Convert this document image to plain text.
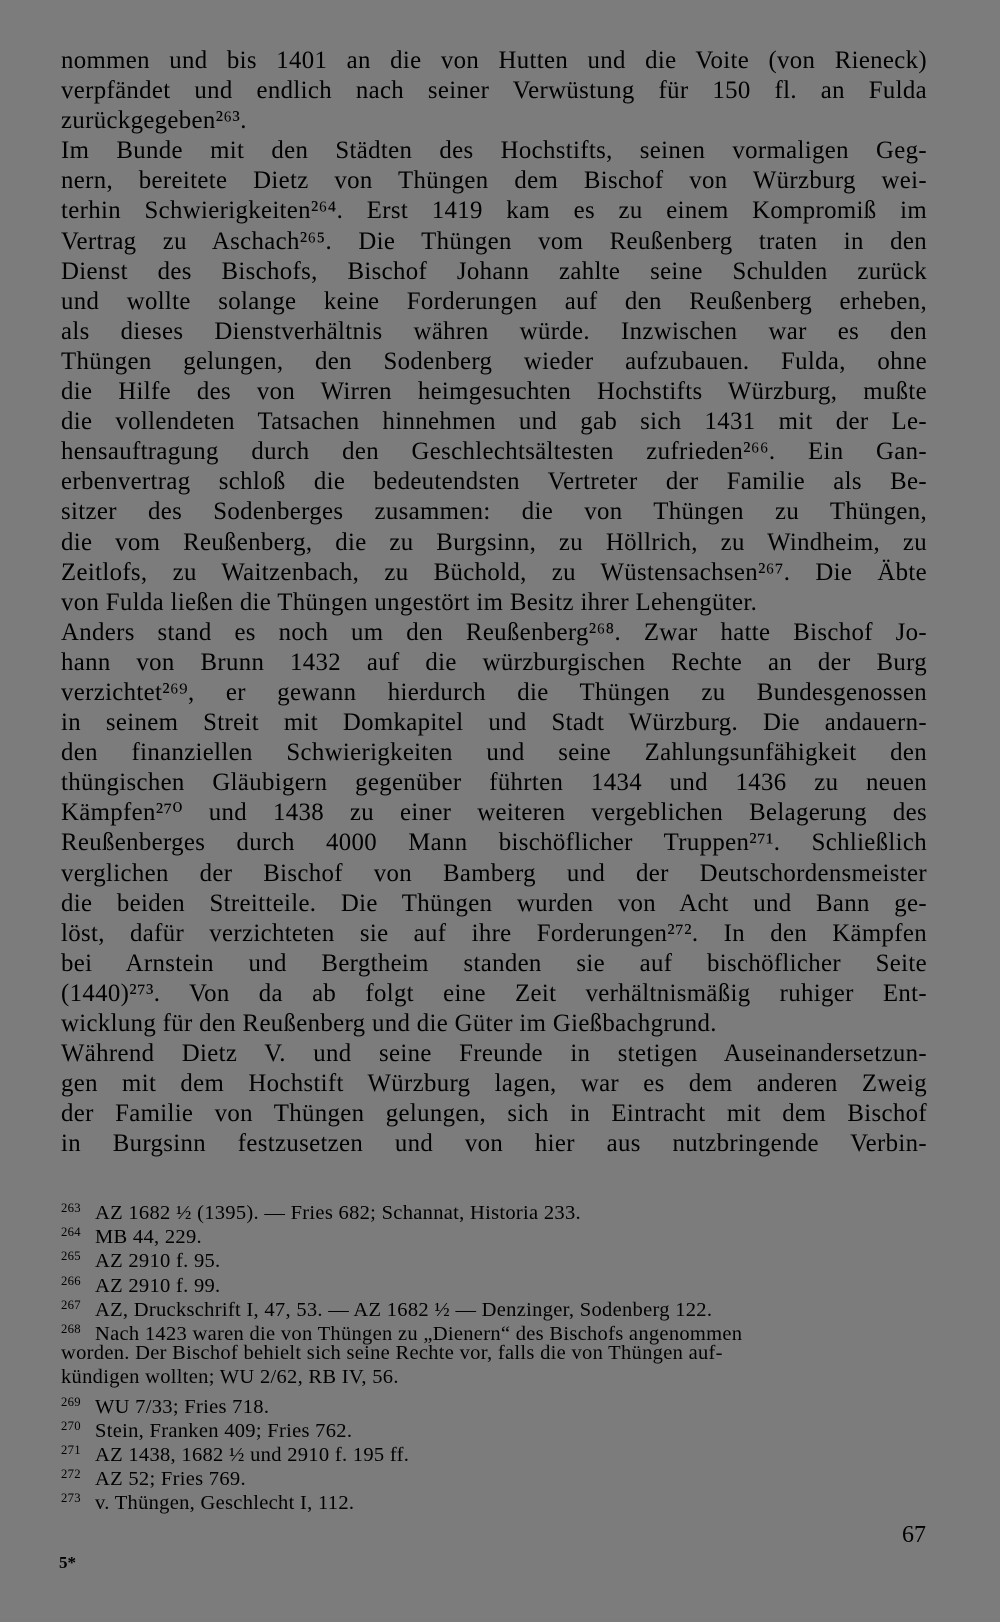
nommen und bis 1401 an die von Hutten und die Voite (von Rieneck)
verpfändet und endlich nach seiner Verwüstung für 150 fl. an Fulda
zurückgegeben²⁶³.
Im Bunde mit den Städten des Hochstifts, seinen vormaligen Geg-
nern, bereitete Dietz von Thüngen dem Bischof von Würzburg wei-
terhin Schwierigkeiten²⁶⁴. Erst 1419 kam es zu einem Kompromiß im
Vertrag zu Aschach²⁶⁵. Die Thüngen vom Reußenberg traten in den
Dienst des Bischofs, Bischof Johann zahlte seine Schulden zurück
und wollte solange keine Forderungen auf den Reußenberg erheben,
als dieses Dienstverhältnis währen würde. Inzwischen war es den
Thüngen gelungen, den Sodenberg wieder aufzubauen. Fulda, ohne
die Hilfe des von Wirren heimgesuchten Hochstifts Würzburg, mußte
die vollendeten Tatsachen hinnehmen und gab sich 1431 mit der Le-
hensauftragung durch den Geschlechtsältesten zufrieden²⁶⁶. Ein Gan-
erbenvertrag schloß die bedeutendsten Vertreter der Familie als Be-
sitzer des Sodenberges zusammen: die von Thüngen zu Thüngen,
die vom Reußenberg, die zu Burgsinn, zu Höllrich, zu Windheim, zu
Zeitlofs, zu Waitzenbach, zu Büchold, zu Wüstensachsen²⁶⁷. Die Äbte
von Fulda ließen die Thüngen ungestört im Besitz ihrer Lehengüter.
Anders stand es noch um den Reußenberg²⁶⁸. Zwar hatte Bischof Jo-
hann von Brunn 1432 auf die würzburgischen Rechte an der Burg
verzichtet²⁶⁹, er gewann hierdurch die Thüngen zu Bundesgenossen
in seinem Streit mit Domkapitel und Stadt Würzburg. Die andauern-
den finanziellen Schwierigkeiten und seine Zahlungsunfähigkeit den
thüngischen Gläubigern gegenüber führten 1434 und 1436 zu neuen
Kämpfen²⁷⁰ und 1438 zu einer weiteren vergeblichen Belagerung des
Reußenberges durch 4000 Mann bischöflicher Truppen²⁷¹. Schließlich
verglichen der Bischof von Bamberg und der Deutschordensmeister
die beiden Streitteile. Die Thüngen wurden von Acht und Bann ge-
löst, dafür verzichteten sie auf ihre Forderungen²⁷². In den Kämpfen
bei Arnstein und Bergtheim standen sie auf bischöflicher Seite
(1440)²⁷³. Von da ab folgt eine Zeit verhältnismäßig ruhiger Ent-
wicklung für den Reußenberg und die Güter im Gießbachgrund.
Während Dietz V. und seine Freunde in stetigen Auseinandersetzun-
gen mit dem Hochstift Würzburg lagen, war es dem anderen Zweig
der Familie von Thüngen gelungen, sich in Eintracht mit dem Bischof
in Burgsinn festzusetzen und von hier aus nutzbringende Verbin-
263 AZ 1682 ½ (1395). — Fries 682; Schannat, Historia 233.
264 MB 44, 229.
265 AZ 2910 f. 95.
266 AZ 2910 f. 99.
267 AZ, Druckschrift I, 47, 53. — AZ 1682 ½ — Denzinger, Sodenberg 122.
268 Nach 1423 waren die von Thüngen zu „Dienern“ des Bischofs angenommen
worden. Der Bischof behielt sich seine Rechte vor, falls die von Thüngen auf-
kündigen wollten; WU 2/62, RB IV, 56.
269 WU 7/33; Fries 718.
270 Stein, Franken 409; Fries 762.
271 AZ 1438, 1682 ½ und 2910 f. 195 ff.
272 AZ 52; Fries 769.
273 v. Thüngen, Geschlecht I, 112.
67
5*
